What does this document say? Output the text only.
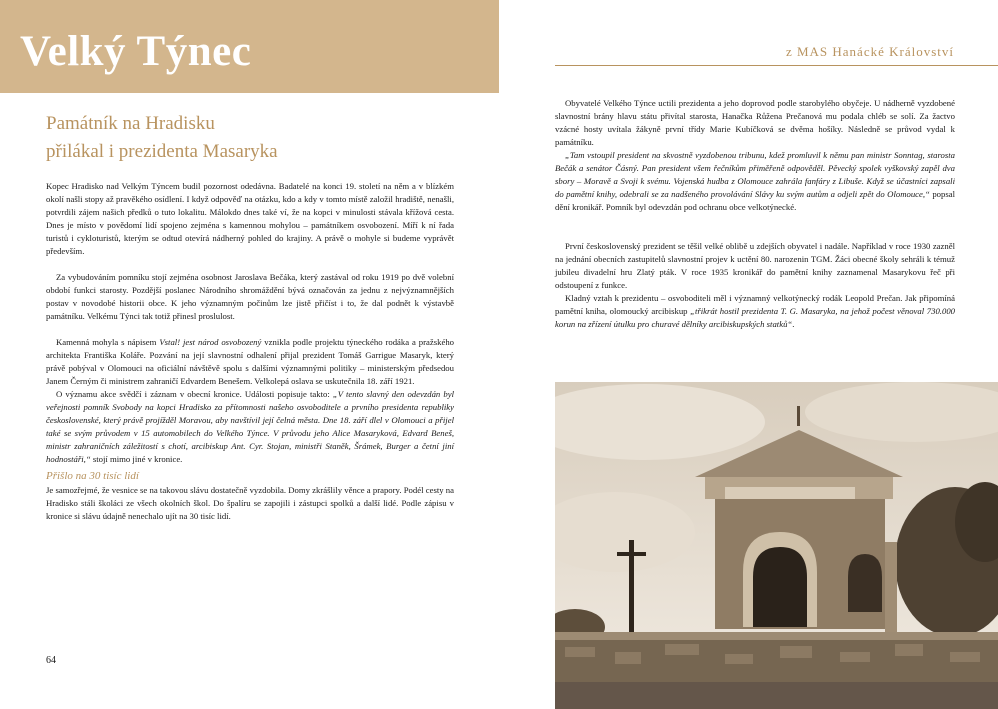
Velký Týnec	z MAS Hanácké Království
Památník na Hradisku
přilákal i prezidenta Masaryka

Kopec Hradisko nad Velkým Týncem budil pozornost odedávna. Badatelé na konci 19. století na něm a v blízkém okolí našli stopy až pravěkého osídlení. I když odpověď na otázku, kdo a kdy v tomto místě založil hradiště, nenašli, potvrdili zájem našich předků o tuto lokalitu. Málokdo dnes také ví, že na kopci v minulosti stávala křížová cesta. Dnes je místo v povědomí lidí spojeno zejména s kamennou mohylou – památníkem osvobození. Míří k ní řada turistů i cykloturistů, kterým se odtud otevírá nádherný pohled do krajiny. A právě o mohyle si budeme vyprávět především.

Za vybudováním pomníku stojí zejména osobnost Jaroslava Bečáka, který zastával od roku 1919 po dvě volební období funkci starosty. Pozdější poslanec Národního shromáždění bývá označován za jednu z nejvýznamnějších postav v novodobé historii obce. K jeho významným počinům lze jistě přičíst i to, že dal podnět k výstavbě památníku. Velkému Týnci tak totiž přinesl proslulost.

Kamenná mohyla s nápisem Vstal! jest národ osvobozený vznikla podle projektu týneckého rodáka a pražského architekta Františka Koláře. Pozvání na její slavnostní odhalení přijal prezident Tomáš Garrigue Masaryk, který právě pobýval v Olomouci na oficiální návštěvě spolu s dalšími významnými politiky – ministerským předsedou Janem Černým či ministrem zahraničí Edvardem Benešem. Velkolepá oslava se uskutečnila 18. září 1921.

O významu akce svědčí i záznam v obecní kronice. Události popisuje takto: „V tento slavný den odevzdán byl veřejnosti pomník Svobody na kopci Hradisko za přítomnosti našeho osvoboditele a prvního presidenta republiky československé, který právě projížděl Moravou, aby navštívil její čelná města. Dne 18. září dlel v Olomouci a přijel také se svým průvodem v 15 automobilech do Velkého Týnce. V průvodu jeho Alice Masaryková, Edvard Beneš, ministr zahraničních záležitostí s chotí, arcibiskup Ant. Cyr. Stojan, ministři Staněk, Šrámek, Burger a četní jiní hodnostáři,“ stojí mimo jiné v kronice.

Přišlo na 30 tisíc lidí

Je samozřejmé, že vesnice se na takovou slávu dostatečně vyzdobila. Domy zkrášlily věnce a prapory. Podél cesty na Hradisko stáli školáci ze všech okolních škol. Do špalíru se zapojili i zástupci spolků a další lidé. Podle zápisu v kronice si slávu údajně nenechalo ujít na 30 tisíc lidí.

64

Obyvatelé Velkého Týnce uctili prezidenta a jeho doprovod podle starobylého obyčeje. U nádherně vyzdobené slavnostní brány hlavu státu přivítal starosta, Hanačka Růžena Prečanová mu podala chléb se solí. Za žactvo vzácné hosty uvítala žákyně první třídy Marie Kubíčková se dvěma hošíky. Následně se průvod vydal k památníku.

„Tam vstoupil president na skvostně vyzdobenou tribunu, kdež promluvil k němu pan ministr Sonntag, starosta Bečák a senátor Čásný. Pan president všem řečníkům přiměřeně odpověděl. Pěvecký spolek vyškovský zapěl dva sbory – Moravě a Svoji k svému. Vojenská hudba z Olomouce zahrála fanfáry z Libuše. Když se účastníci zapsali do pamětní knihy, odebrali se za nadšeného provolávání Slávy ku svým autům a odjeli zpět do Olomouce,“ popsal dění kronikář. Pomník byl odevzdán pod ochranu obce velkotýnecké.

První československý prezident se těšil velké oblibě u zdejších obyvatel i nadále. Například v roce 1930 zazněl na jednání obecních zastupitelů slavnostní projev k uctění 80. narozenin TGM. Žáci obecné školy sehráli k témuž jubileu divadelní hru Zlatý pták. V roce 1935 kronikář do pamětní knihy zaznamenal Masarykovu řeč při odstoupení z funkce.

Kladný vztah k prezidentu – osvoboditeli měl i významný velkotýnecký rodák Leopold Prečan. Jak připomíná pamětní kniha, olomoucký arcibiskup „třikrát hostil prezidenta T. G. Masaryka, na jehož počest věnoval 730.000 korun na zřízení útulku pro churavé dělníky arcibiskupských statků“.
